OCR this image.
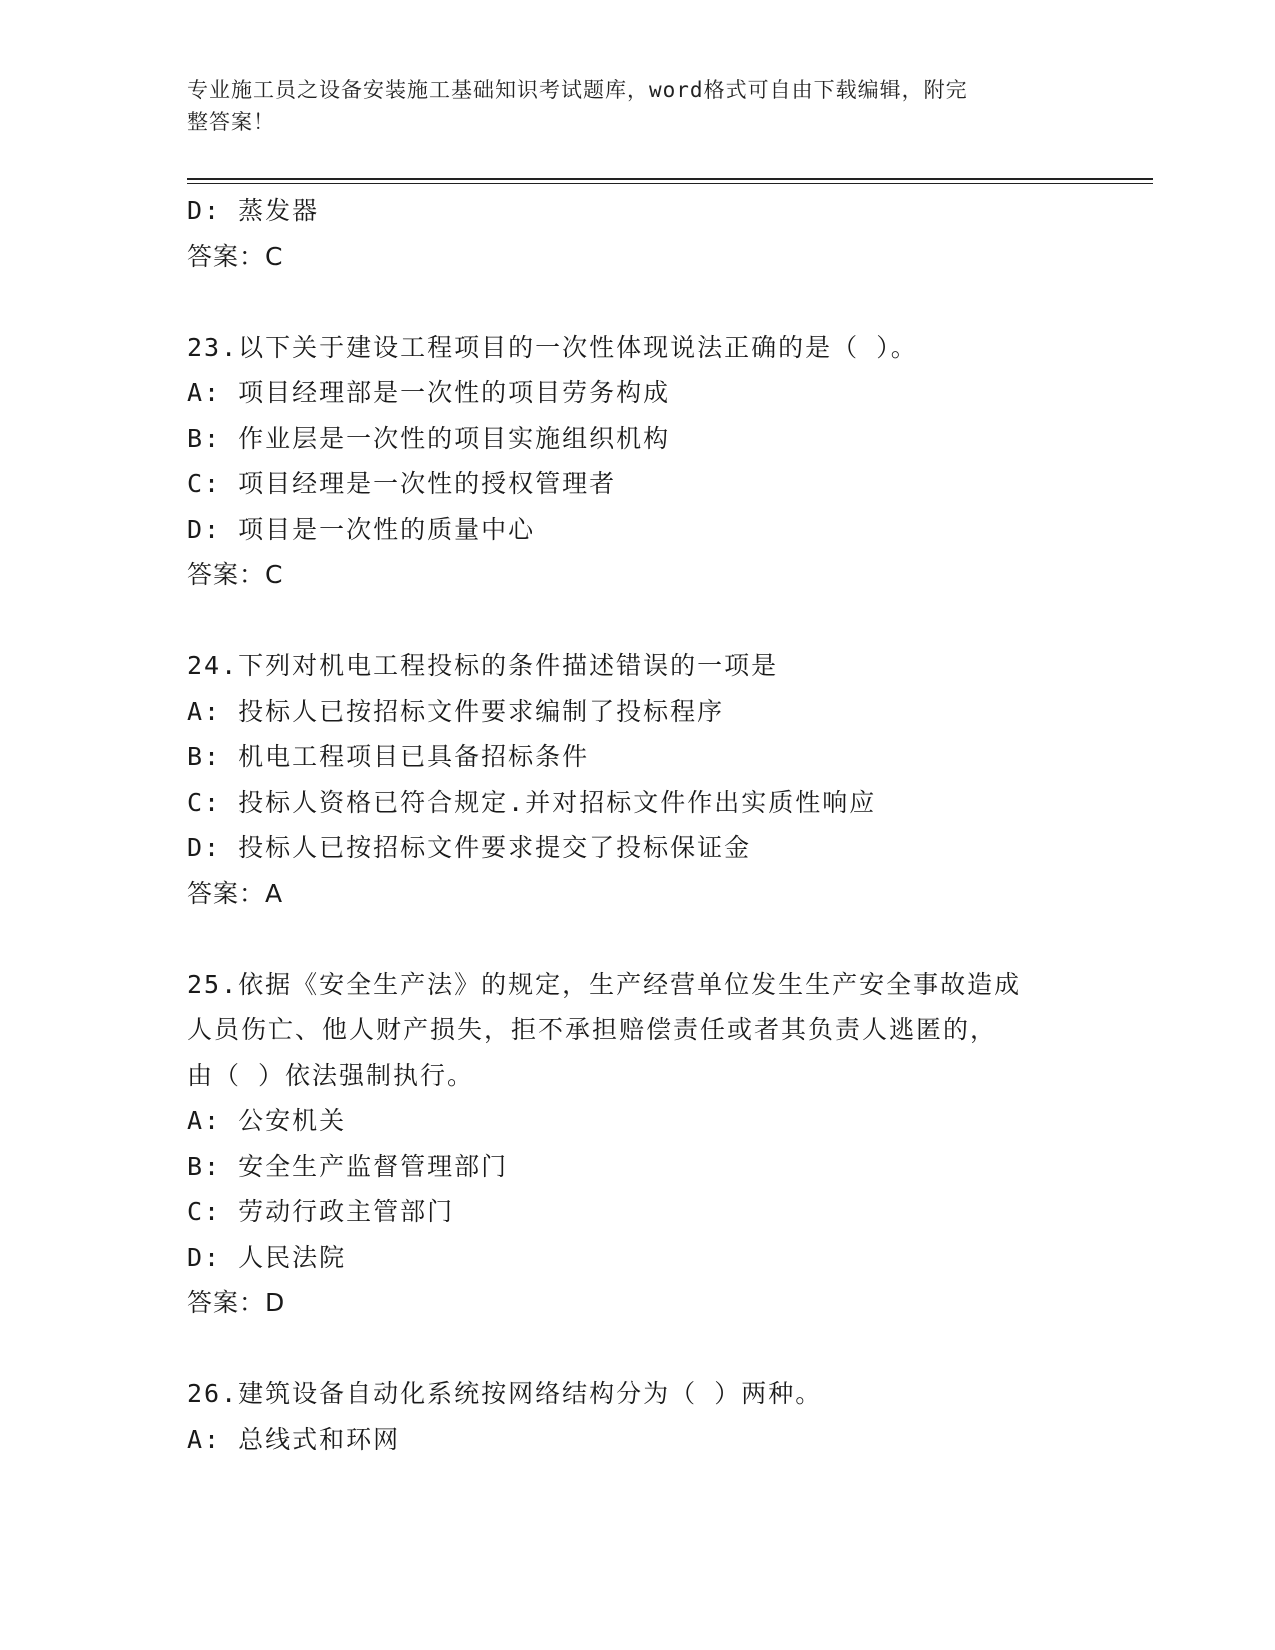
专业施工员之设备安装施工基础知识考试题库，word格式可自由下载编辑，附完
整答案！
D: 蒸发器
答案：C
23.以下关于建设工程项目的一次性体现说法正确的是（ ）。
A: 项目经理部是一次性的项目劳务构成
B: 作业层是一次性的项目实施组织机构
C: 项目经理是一次性的授权管理者
D: 项目是一次性的质量中心
答案：C
24.下列对机电工程投标的条件描述错误的一项是
A: 投标人已按招标文件要求编制了投标程序
B: 机电工程项目已具备招标条件
C: 投标人资格已符合规定.并对招标文件作出实质性响应
D: 投标人已按招标文件要求提交了投标保证金
答案：A
25.依据《安全生产法》的规定，生产经营单位发生生产安全事故造成
人员伤亡、他人财产损失，拒不承担赔偿责任或者其负责人逃匿的，
由（ ）依法强制执行。
A: 公安机关
B: 安全生产监督管理部门
C: 劳动行政主管部门
D: 人民法院
答案：D
26.建筑设备自动化系统按网络结构分为（ ）两种。
A: 总线式和环网
